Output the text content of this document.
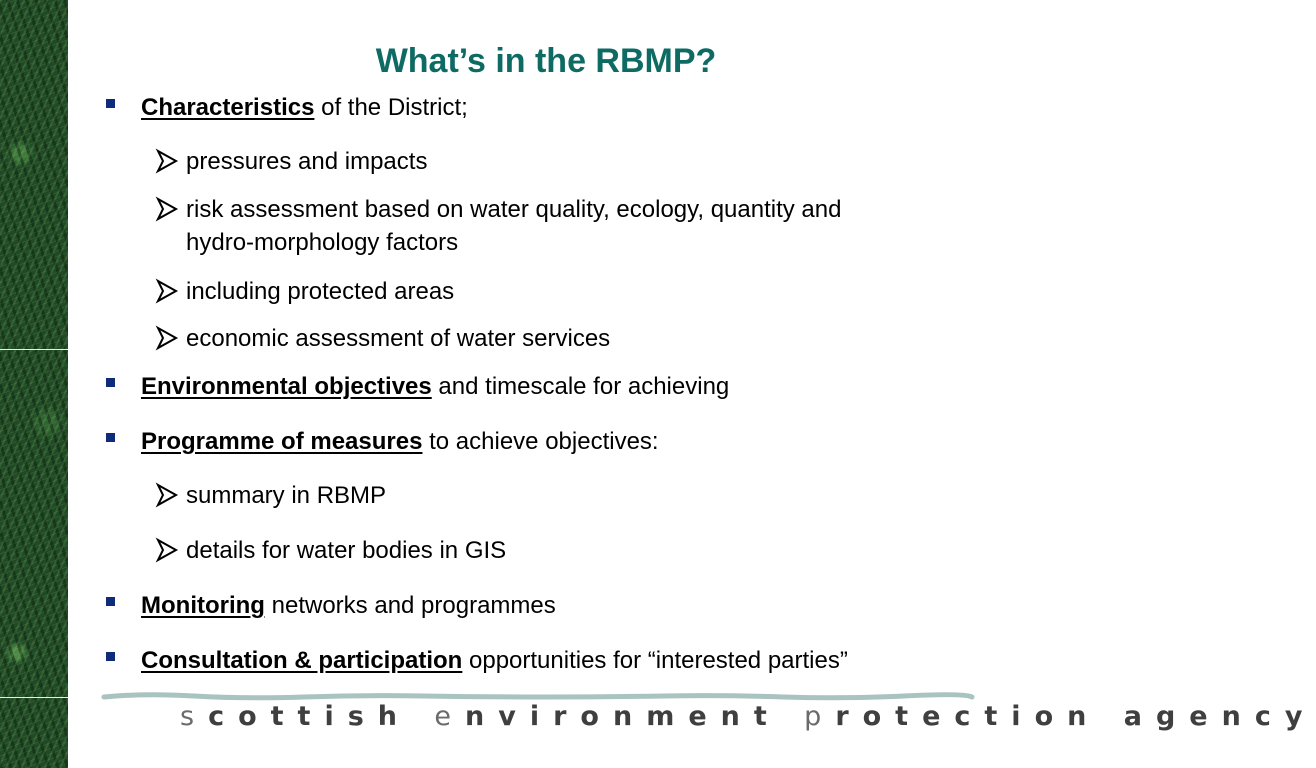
What’s in the RBMP?
Characteristics of the District;
pressures and impacts
risk assessment based on water quality, ecology, quantity and
hydro-morphology factors
including protected areas
economic assessment of water services
Environmental objectives and timescale for achieving
Programme of measures to achieve objectives:
summary in RBMP
details for water bodies in GIS
Monitoring networks and programmes
Consultation & participation opportunities for “interested parties”
scottish environment protection agency
